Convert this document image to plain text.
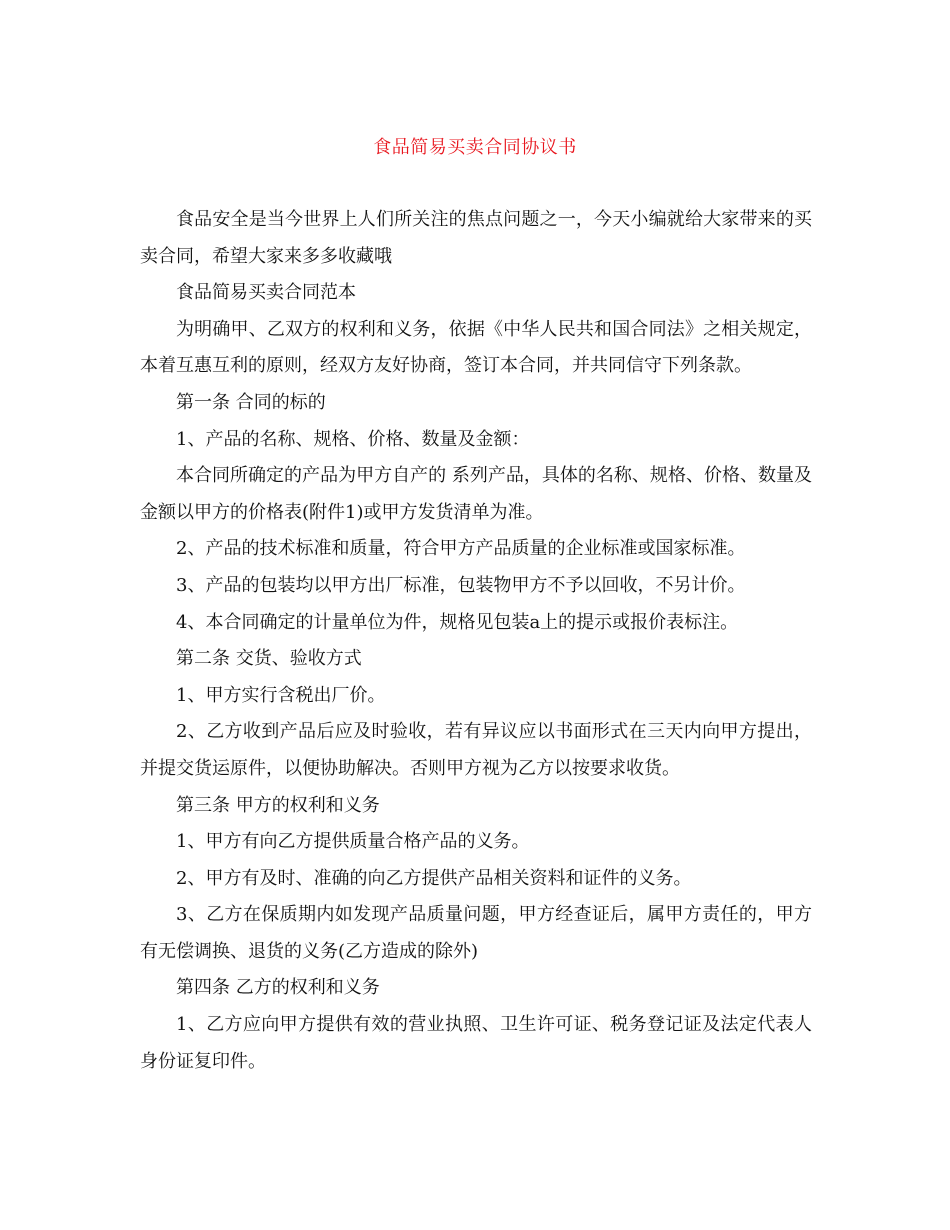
食品简易买卖合同协议书

食品安全是当今世界上人们所关注的焦点问题之一，今天小编就给大家带来的买卖合同，希望大家来多多收藏哦

食品简易买卖合同范本

为明确甲、乙双方的权利和义务，依据《中华人民共和国合同法》之相关规定，本着互惠互利的原则，经双方友好协商，签订本合同，并共同信守下列条款。

第一条 合同的标的

1、产品的名称、规格、价格、数量及金额：

本合同所确定的产品为甲方自产的 系列产品，具体的名称、规格、价格、数量及金额以甲方的价格表(附件1)或甲方发货清单为准。

2、产品的技术标准和质量，符合甲方产品质量的企业标准或国家标准。

3、产品的包装均以甲方出厂标准，包装物甲方不予以回收，不另计价。

4、本合同确定的计量单位为件，规格见包装a上的提示或报价表标注。

第二条 交货、验收方式

1、甲方实行含税出厂价。

2、乙方收到产品后应及时验收，若有异议应以书面形式在三天内向甲方提出，并提交货运原件，以便协助解决。否则甲方视为乙方以按要求收货。

第三条 甲方的权利和义务

1、甲方有向乙方提供质量合格产品的义务。

2、甲方有及时、准确的向乙方提供产品相关资料和证件的义务。

3、乙方在保质期内如发现产品质量问题，甲方经查证后，属甲方责任的，甲方有无偿调换、退货的义务(乙方造成的除外)

第四条 乙方的权利和义务

1、乙方应向甲方提供有效的营业执照、卫生许可证、税务登记证及法定代表人身份证复印件。
